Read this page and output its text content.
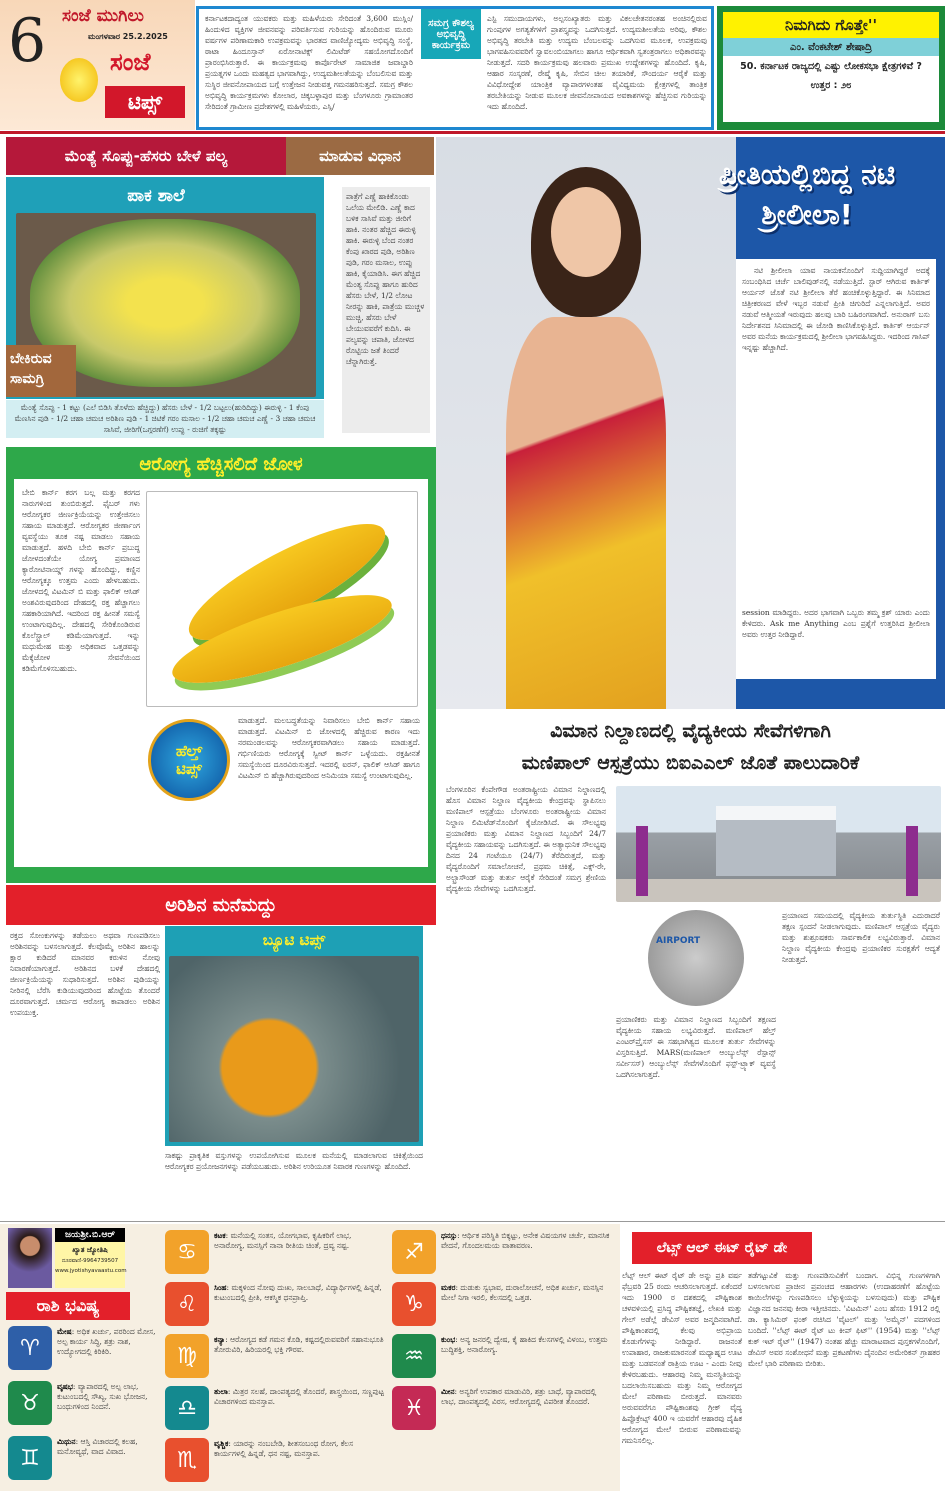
6 ಸಂಜೆ ಮುಗಿಲು
ಮಂಗಳವಾರ 25.2.2025
ಸಂಜೆ
ಟಿಪ್ಸ್
ಕರ್ನಾಟಕದಾದ್ಯಂತ ಯುವಕರು ಮತ್ತು ಮಹಿಳೆಯರು ಸೇರಿದಂತೆ 3,600 ಮುಸ್ಲಿಂ/ಹಿಂದುಳಿದ ವ್ಯಕ್ತಿಗಳ ಜೀವನವನ್ನು ಪರಿವರ್ತಿಸುವ ಗುರಿಯನ್ನು ಹೊಂದಿರುವ ಮೂರು ವರ್ಷಗಳ ಪರಿಣಾಮಕಾರಿ ಉಪಕ್ರಮವನ್ನು ಭಾರತದ ವಾಣಿಜ್ಯೋದ್ಯಮ ಅಭಿವೃದ್ಧಿ ಸಂಸ್ಥೆ, ಠಾಟಾ ಹಿಂದೂಸ್ತಾನ್ ಏರೋನಾಟಿಕ್ಸ್ ಲಿಮಿಟೆಡ್ ಸಹಯೋಗದೊಂದಿಗೆ ಪ್ರಾರಂಭಿಸಿರುತ್ತಾರೆ. ಈ ಕಾರ್ಯಕ್ರಮವು ಕಾರ್ಪೊರೇಟ್ ಸಾಮಾಜಿಕ ಜವಾಬ್ದಾರಿ ಪ್ರಯತ್ನಗಳ ಒಂದು ಮಹತ್ವದ ಭಾಗವಾಗಿದ್ದು, ಉದ್ಯಮಶೀಲತೆಯನ್ನು ಬೆಂಬಲಿಸುವ ಮತ್ತು ಸುಸ್ಥಿರ ಜೀವನೋಪಾಯದ ಬಗ್ಗೆ ಉತ್ತೇಜನ ನೀಡುವತ್ತ ಗಮನಹರಿಸುತ್ತದೆ. ಸಮಗ್ರ ಕೌಶಲ ಅಭಿವೃದ್ಧಿ ಕಾರ್ಯಕ್ರಮಗಳು ಕೋಲಾರ, ಚಿಕ್ಕಬಳ್ಳಾಪುರ ಮತ್ತು ಬೆಂಗಳೂರು ಗ್ರಾಮಾಂತರ ಸೇರಿದಂತೆ ಗ್ರಾಮೀಣ ಪ್ರದೇಶಗಳಲ್ಲಿ ಮಹಿಳೆಯರು, ಎಸ್ಸಿ/
ಸಮಗ್ರ ಕೌಶಲ್ಯ ಅಭಿವೃದ್ಧಿ ಕಾರ್ಯಕ್ರಮ
ಎಸ್ಟಿ ಸಮುದಾಯಗಳು, ಅಲ್ಪಸಂಖ್ಯಾತರು ಮತ್ತು ವಿಕಲಚೇತನರಂತಹ ಅಂಚಿನಲ್ಲಿರುವ ಗುಂಪುಗಳ ಅಗತ್ಯತೆಗಳಿಗೆ ಪ್ರಾಶಸ್ತ್ಯವನ್ನು ಒದಗಿಸುತ್ತದೆ. ಉದ್ಯಮಶೀಲತೆಯ ಅರಿವು, ಕೌಶಲ ಅಭಿವೃದ್ಧಿ ತರಬೇತಿ ಮತ್ತು ಉದ್ಯಮ ಬೆಂಬಲವನ್ನು ಒದಗಿಸುವ ಮೂಲಕ, ಉಪಕ್ರಮವು ಭಾಗವಹಿಸುವವರಿಗೆ ಸ್ವಾವಲಂಬಿಯಾಗಲು ಹಾಗೂ ಆರ್ಥಿಕವಾಗಿ ಸ್ವತಂತ್ರರಾಗಲು ಅಧಿಕಾರವನ್ನು ನೀಡುತ್ತದೆ. ಸದರಿ ಕಾರ್ಯಕ್ರಮವು ಹಲವಾರು ಪ್ರಮುಖ ಉದ್ದೇಶಗಳನ್ನು ಹೊಂದಿದೆ. ಕೃಷಿ, ಆಹಾರ ಸಂಸ್ಕರಣೆ, ರೇಷ್ಮೆ ಕೃಷಿ, ಸೇಬಿನ ಚೀಲ ತಯಾರಿಕೆ, ಸೌಂದರ್ಯ ಆರೈಕೆ ಮತ್ತು ವಿವಿಧೋದ್ದೇಶ ಯಾಂತ್ರಿಕ ವ್ಯಾಪಾರಗಳಂತಹ ವೈವಿಧ್ಯಮಯ ಕ್ಷೇತ್ರಗಳಲ್ಲಿ ತಾಂತ್ರಿಕ ತರಬೇತಿಯನ್ನು ನೀಡುವ ಮೂಲಕ ಜೀವನೋಪಾಯದ ಅವಕಾಶಗಳನ್ನು ಹೆಚ್ಚಿಸುವ ಗುರಿಯನ್ನು ಇದು ಹೊಂದಿದೆ.
ನಿಮಗಿದು ಗೊತ್ತೇ''
ಎಂ. ವೆಂಕಟೇಶ್ ಶೇಷಾದ್ರಿ
50. ಕರ್ನಾಟಕ ರಾಜ್ಯದಲ್ಲಿ ಎಷ್ಟು ಲೋಕಸಭಾ ಕ್ಷೇತ್ರಗಳಿವೆ ?
ಉತ್ತರ : ೨೮
ಮೆಂತ್ಯೆ ಸೊಪ್ಪು-ಹೆಸರು ಬೇಳೆ ಪಲ್ಯ	ಮಾಡುವ ವಿಧಾನ
ಪಾಕ ಶಾಲೆ
ಬೇಕಿರುವ ಸಾಮಗ್ರಿ
ಮೆಂತ್ಯೆ ಸೊಪ್ಪು - 1 ಕಟ್ಟು (ಎಲೆ ಬಿಡಿಸಿ ತೊಳೆದು ಹೆಚ್ಚಿದ್ದು) ಹೆಸರು ಬೇಳೆ - 1/2 ಬಟ್ಟಲು(ಹುರಿದಿದ್ದು) ಈರುಳ್ಳಿ - 1 ಕೆಂಪು ಮೆಣಸಿನ ಪುಡಿ - 1/2 ಚಹಾ ಚಮಚ ಅರಿಶಿಣ ಪುಡಿ - 1 ಚಿಟಿಕೆ ಗರಂ ಮಸಾಲ - 1/2 ಚಹಾ ಚಮಚ ಎಣ್ಣೆ - 3 ಚಹಾ ಚಮಚ ಸಾಸಿವೆ, ಜೀರಿಗೆ(ಒಗ್ಗರಣೆಗೆ) ಉಪ್ಪು - ರುಚಿಗೆ ತಕ್ಕಷ್ಟು
ಪಾತ್ರೆಗೆ ಎಣ್ಣೆ ಹಾಕಿಕೊಂಡು ಒಲೆಯ ಮೇಲಿಡಿ. ಎಣ್ಣೆ ಕಾದ ಬಳಿಕ ಸಾಸಿವೆ ಮತ್ತು ಜೀರಿಗೆ ಹಾಕಿ. ನಂತರ ಹೆಚ್ಚಿದ ಈರುಳ್ಳಿ ಹಾಕಿ. ಈರುಳ್ಳಿ ಬೆಂದ ನಂತರ ಕೆಂಪು ಖಾರದ ಪುಡಿ, ಅರಿಶಿಣ ಪುಡಿ, ಗರಂ ಮಸಾಲ, ಉಪ್ಪು ಹಾಕಿ, ಕೈಯಾಡಿಸಿ. ಈಗ ಹೆಚ್ಚಿದ ಮೆಂತ್ಯ ಸೊಪ್ಪು ಹಾಗೂ ಹುರಿದ ಹೆಸರು ಬೇಳೆ, 1/2 ಲೋಟ ನೀರನ್ನು ಹಾಕಿ, ಪಾತ್ರೆಯ ಮುಚ್ಚಳ ಮುಚ್ಚಿ, ಹೆಸರು ಬೇಳೆ ಬೇಯುವವರೆಗೆ ಕುದಿಸಿ. ಈ ಪಲ್ಯವನ್ನು ಚಪಾತಿ, ಜೋಳದ ರೊಟ್ಟಿಯ ಜತೆ ತಿಂದರೆ ಚೆನ್ನಾಗಿರುತ್ತೆ.
ಪ್ರೀತಿಯಲ್ಲಿಬಿದ್ದ ನಟಿ ಶ್ರೀಲೀಲಾ!

ನಟಿ ಶ್ರೀಲೀಲಾ ಯಾವ ನಾಯಕನೊಂದಿಗೆ ಸುದ್ದಿಯಾಗಿದ್ದರೆ ಅದಕ್ಕೆ ಸಂಬಂಧಿಸಿದ ಚರ್ಚೆ ಬಾಲಿವುಡ್‌ನಲ್ಲಿ ನಡೆಯುತ್ತಿದೆ. ಸ್ಟಾರ್ ಆಗಿರುವ ಕಾರ್ತಿಕ್ ಆರ್ಯನ್ ಜೊತೆ ನಟಿ ಶ್ರೀಲೀಲಾ ತೆರೆ ಹಂಚಿಕೊಳ್ಳುತ್ತಿದ್ದಾರೆ. ಈ ಸಿನಿಮಾದ ಚಿತ್ರೀಕರಣದ ವೇಳೆ ಇಬ್ಬರ ನಡುವೆ ಪ್ರೀತಿ ಚಿಗುರಿದೆ ಎನ್ನಲಾಗುತ್ತಿದೆ. ಅವರ ನಡುವೆ ಆತ್ಮೀಯತೆ ಇರುವುದು ಹಲವು ಬಾರಿ ಬಹಿರಂಗವಾಗಿದೆ. ಅನುರಾಗ್ ಬಸು ನಿರ್ದೇಶನದ ಸಿನಿಮಾದಲ್ಲಿ ಈ ಜೋಡಿ ಕಾಣಿಸಿಕೊಳ್ಳುತ್ತಿದೆ. ಕಾರ್ತಿಕ್ ಆರ್ಯನ್ ಅವರ ಮನೆಯ ಕಾರ್ಯಕ್ರಮದಲ್ಲಿ ಶ್ರೀಲೀಲಾ ಭಾಗವಹಿಸಿದ್ದರು. ಇದರಿಂದ ಗಾಸಿಪ್ ಇನ್ನಷ್ಟು ಹೆಚ್ಚಾಗಿದೆ.

session ಮಾಡಿದ್ದರು. ಅದರ ಭಾಗವಾಗಿ ಒಬ್ಬರು ತಮ್ಮ ಕ್ರಶ್ ಯಾರು ಎಂದು ಕೇಳಿದರು. Ask me Anything ಎಂಬ ಪ್ರಶ್ನೆಗೆ ಉತ್ತರಿಸಿದ ಶ್ರೀಲೀಲಾ ಅವರು ಉತ್ತರ ನೀಡಿದ್ದಾರೆ.
ಆರೋಗ್ಯ ಹೆಚ್ಚಿಸಲಿದೆ ಜೋಳ
ಬೇಬಿ ಕಾರ್ನ್ ಕರಗ ಬಲ್ಲ ಮತ್ತು ಕರಗದ ನಾರುಗಳಿಂದ ತುಂಬಿರುತ್ತದೆ. ಫೈಬರ್ ಗಳು ಆರೋಗ್ಯಕರ ಜೀರ್ಣಕ್ರಿಯೆಯನ್ನು ಉತ್ತೇಜಿಸಲು ಸಹಾಯ ಮಾಡುತ್ತದೆ. ಆರೋಗ್ಯಕರ ಜೀರ್ಣಾಂಗ ವ್ಯವಸ್ಥೆಯು ತೂಕ ನಷ್ಟ ಮಾಡಲು ಸಹಾಯ ಮಾಡುತ್ತದೆ. ಹಳದಿ ಬೇಬಿ ಕಾರ್ನ್ ಪ್ರಬುದ್ಧ ಜೋಳದಂತೆಯೇ ಯೋಗ್ಯ ಪ್ರಮಾಣದ ಕ್ಯಾರೋಟಿನಾಯ್ಡ್ ಗಳನ್ನು ಹೊಂದಿದ್ದು, ಕಣ್ಣಿನ ಆರೋಗ್ಯಕ್ಕೂ ಉತ್ತಮ ಎಂದು ಹೇಳಬಹುದು. ಜೋಳದಲ್ಲಿ ವಿಟಮಿನ್ ಬಿ ಮತ್ತು ಫಾಲಿಕ್ ಆಸಿಡ್ ಅಂಶವಿರುವುದರಿಂದ ದೇಹದಲ್ಲಿ ರಕ್ತ ಹೆಚ್ಚಾಗಲು ಸಹಕಾರಿಯಾಗಿದೆ. ಇದರಿಂದ ರಕ್ತ ಹೀನತೆ ಸಮಸ್ಯೆ ಉಂಟಾಗುವುದಿಲ್ಲ. ದೇಹದಲ್ಲಿ ಸೇರಿಕೊಂಡಿರುವ ಕೊಲೆಸ್ಟ್ರಾಲ್ ಕಡಿಮೆಯಾಗುತ್ತದೆ. ಇನ್ನು ಮಧುಮೇಹ ಮತ್ತು ಅಧಿಕವಾದ ಒತ್ತಡವನ್ನು ಮೆಕ್ಕೆಜೋಳ ಸೇವನೆಯಿಂದ ಕಡಿಮೆಗೊಳಿಸಬಹುದು.
ಹೆಲ್ತ್
ಟಿಪ್ಸ್
ಮಾಡುತ್ತದೆ. ಮಲಬದ್ಧತೆಯನ್ನು ನಿವಾರಿಸಲು ಬೇಬಿ ಕಾರ್ನ್ ಸಹಾಯ ಮಾಡುತ್ತದೆ. ವಿಟಮಿನ್ ಬಿ ಜೋಳದಲ್ಲಿ ಹೆಚ್ಚಿರುವ ಕಾರಣ ಇದು ನರಮಂಡಲವನ್ನು ಆರೋಗ್ಯಕರವಾಗಿಡಲು ಸಹಾಯ ಮಾಡುತ್ತದೆ. ಗರ್ಭಿಣಿಯರು ಆರೋಗ್ಯಕ್ಕೆ ಸ್ವೀಟ್ ಕಾರ್ನ್ ಒಳ್ಳೆಯದು. ರಕ್ತಹೀನತೆ ಸಮಸ್ಯೆಯಿಂದ ದೂರವಿರುಸುತ್ತದೆ. ಇದರಲ್ಲಿ ಐರನ್, ಫಾಲಿಕ್ ಆಸಿಡ್ ಹಾಗೂ ವಿಟಮಿನ್ ಬಿ ಹೆಚ್ಚಾಗಿರುವುದರಿಂದ ಅನಿಮಿಯಾ ಸಮಸ್ಯೆ ಉಂಟಾಗುವುದಿಲ್ಲ.
ಅರಿಶಿನ ಮನೆಮದ್ದು
ರಕ್ತದ ಸೋಂಕುಗಳನ್ನು ತಡೆಯಲು ಅಥವಾ ಗುಣಪಡಿಸಲು ಅರಿಶಿನವನ್ನು ಬಳಸಲಾಗುತ್ತದೆ. ಕೆಲವೊಮ್ಮೆ ಅರಿಶಿನ ಹಾಲನ್ನು ಕ್ಷಾರ ಕುಡಿದರೆ ಮಾನವರ ಕರುಳಿನ ನೋವು ನಿವಾರಣೆಯಾಗುತ್ತದೆ. ಅರಿಶಿನದ ಬಳಕೆ ದೇಹದಲ್ಲಿ ಜೀರ್ಣಕ್ರಿಯೆಯನ್ನು ಸುಧಾರಿಸುತ್ತದೆ. ಅರಿಶಿನ ಪುಡಿಯನ್ನು ನೀರಿನಲ್ಲಿ ಬೆರೆಸಿ ಕುಡಿಯುವುದರಿಂದ ಹೊಟ್ಟೆಯ ತೊಂದರೆ ದೂರವಾಗುತ್ತದೆ. ಚರ್ಮದ ಆರೋಗ್ಯ ಕಾಪಾಡಲು ಅರಿಶಿನ ಉಪಯುಕ್ತ.
ಬ್ಯೂಟಿ ಟಿಪ್ಸ್
ಸಾಕಷ್ಟು ಪ್ರಾಕೃತಿಕ ವಸ್ತುಗಳನ್ನು ಉಪಯೋಗಿಸುವ ಮೂಲಕ ಮನೆಯಲ್ಲಿ ಮಾಡಲಾಗುವ ಚಿಕಿತ್ಸೆಯಿಂದ ಆರೋಗ್ಯಕರ ಪ್ರಯೋಜನಗಳನ್ನು ಪಡೆಯಬಹುದು. ಅರಿಶಿನ ಉರಿಯೂತ ನಿವಾರಕ ಗುಣಗಳನ್ನು ಹೊಂದಿದೆ.
ವಿಮಾನ ನಿಲ್ದಾಣದಲ್ಲಿ ವೈದ್ಯಕೀಯ ಸೇವೆಗಳಿಗಾಗಿ
ಮಣಿಪಾಲ್ ಆಸ್ಪತ್ರೆಯು ಬಿಐಎಎಲ್ ಜೊತೆ ಪಾಲುದಾರಿಕೆ
ಬೆಂಗಳೂರಿನ ಕೆಂಪೇಗೌಡ ಅಂತರಾಷ್ಟ್ರೀಯ ವಿಮಾನ ನಿಲ್ದಾಣದಲ್ಲಿ ಹೊಸ ವಿಮಾನ ನಿಲ್ದಾಣ ವೈದ್ಯಕೀಯ ಕೇಂದ್ರವನ್ನು ಸ್ಥಾಪಿಸಲು ಮಣಿಪಾಲ್ ಆಸ್ಪತ್ರೆಯು ಬೆಂಗಳೂರು ಅಂತರಾಷ್ಟ್ರೀಯ ವಿಮಾನ ನಿಲ್ದಾಣ ಲಿಮಿಟೆಡ್‌ನೊಂದಿಗೆ ಕೈಜೋಡಿಸಿದೆ. ಈ ಸೌಲಭ್ಯವು ಪ್ರಯಾಣಿಕರು ಮತ್ತು ವಿಮಾನ ನಿಲ್ದಾಣದ ಸಿಬ್ಬಂದಿಗೆ 24/7 ವೈದ್ಯಕೀಯ ಸಹಾಯವನ್ನು ಒದಗಿಸುತ್ತದೆ. ಈ ಅತ್ಯಾಧುನಿಕ ಸೌಲಭ್ಯವು ದಿನದ 24 ಗಂಟೆಯೂ (24/7) ತೆರೆದಿರುತ್ತದೆ, ಮತ್ತು ವೈದ್ಯರೊಂದಿಗೆ ಸಮಾಲೋಚನೆ, ಪ್ರಥಮ ಚಿಕಿತ್ಸೆ, ಎಕ್ಸ್-ರೇ, ಅಲ್ಟ್ರಾಸೌಂಡ್ ಮತ್ತು ತುರ್ತು ಆರೈಕೆ ಸೇರಿದಂತೆ ಸಮಗ್ರ ಶ್ರೇಣಿಯ ವೈದ್ಯಕೀಯ ಸೇವೆಗಳನ್ನು ಒದಗಿಸುತ್ತದೆ.
AIRPORT
ಪ್ರಯಾಣಿಕರು ಮತ್ತು ವಿಮಾನ ನಿಲ್ದಾಣದ ಸಿಬ್ಬಂದಿಗೆ ತಕ್ಷಣದ ವೈದ್ಯಕೀಯ ಸಹಾಯ ಲಭ್ಯವಿರುತ್ತದೆ. ಮಣಿಪಾಲ್ ಹೆಲ್ತ್ ಎಂಟರ್‌ಪ್ರೈಸಸ್ ಈ ಸಹಭಾಗಿತ್ವದ ಮೂಲಕ ತುರ್ತು ಸೇವೆಗಳನ್ನು ವಿಸ್ತರಿಸುತ್ತಿದೆ. MARS(ಮಣಿಪಾಲ್ ಆಂಬ್ಯುಲೆನ್ಸ್ ರೆಸ್ಪಾನ್ಸ್ ಸರ್ವೀಸಸ್) ಆಂಬ್ಯುಲೆನ್ಸ್ ಸೇವೆಗಳೊಂದಿಗೆ ಫಸ್ಟ್-ಟ್ರ್ಯಾಕ್ ವ್ಯವಸ್ಥೆ ಒದಗಿಸಲಾಗುತ್ತದೆ.
ಪ್ರಯಾಣದ ಸಮಯದಲ್ಲಿ ವೈದ್ಯಕೀಯ ತುರ್ತುಸ್ಥಿತಿ ಎದುರಾದರೆ ತಕ್ಷಣ ಸ್ಪಂದನೆ ನೀಡಲಾಗುವುದು. ಮಣಿಪಾಲ್ ಆಸ್ಪತ್ರೆಯ ವೈದ್ಯರು ಮತ್ತು ಶುಶ್ರೂಷಕರು ಸಾರ್ವಕಾಲಿಕ ಲಭ್ಯವಿರುತ್ತಾರೆ. ವಿಮಾನ ನಿಲ್ದಾಣ ವೈದ್ಯಕೀಯ ಕೇಂದ್ರವು ಪ್ರಯಾಣಿಕರ ಸುರಕ್ಷತೆಗೆ ಆದ್ಯತೆ ನೀಡುತ್ತದೆ.
ಜಯಶ್ರೀ.ಬಿ.ಆರ್
ಖ್ಯಾತ ಜ್ಯೋತಿಷಿ
ದೂರವಾಣಿ-9964739507
www.jyotishyavaastu.com
ರಾಶಿ ಭವಿಷ್ಯ
♈
ಮೇಷ: ಅಧಿಕ ಖರ್ಚು, ಪರರಿಂದ ಮೋಸ, ಅಲ್ಪ ಕಾರ್ಯ ಸಿದ್ಧಿ, ಶತ್ರು ನಾಶ, ಉದ್ಯೋಗದಲ್ಲಿ ಕಿರಿಕಿರಿ.
♉
ವೃಷಭ: ವ್ಯಾಪಾರದಲ್ಲಿ ಅಲ್ಪ ಲಾಭ, ಕುಟುಂಬದಲ್ಲಿ ಸೌಖ್ಯ, ಸುಖ ಭೋಜನ, ಬಂಧುಗಳಿಂದ ನಿಂದನೆ.
♊
ಮಿಥುನ: ಆಸ್ತಿ ವಿಚಾರದಲ್ಲಿ ಕಲಹ, ಮನೋವ್ಯಥೆ, ವಾದ ವಿವಾದ.
♋
ಕಟಕ: ಮನೆಯಲ್ಲಿ ಸಂತಸ, ಯೋಗಭಾವ, ಕೃಷಿಕರಿಗೆ ಲಾಭ, ಅನಾರೋಗ್ಯ, ಮನಸ್ಸಿಗೆ ನಾನಾ ರೀತಿಯ ಚಿಂತೆ, ದ್ರವ್ಯ ನಷ್ಟ.
♌
ಸಿಂಹ: ಮಕ್ಕಳಿಂದ ನೋವು ದುಃಖ, ಸಾಲಬಾಧೆ, ವಿದ್ಯಾರ್ಥಿಗಳಲ್ಲಿ ಹಿನ್ನಡೆ, ಕುಟುಂಬದಲ್ಲಿ ಪ್ರೀತಿ, ಆಕಸ್ಮಿಕ ಧನಪ್ರಾಪ್ತಿ.
♍
ಕನ್ಯಾ: ಆರೋಗ್ಯದ ಕಡೆ ಗಮನ ಕೊಡಿ, ಕಷ್ಟದಲ್ಲಿರುವವರಿಗೆ ಸಹಾನುಭೂತಿ ತೋರುವಿರಿ, ಹಿರಿಯರಲ್ಲಿ ಭಕ್ತಿ ಗೌರವ.
♎
ತುಲಾ: ಮಿತ್ರರ ಸಲಹೆ, ದಾಂಪತ್ಯದಲ್ಲಿ ತೊಂದರೆ, ಶಾಸ್ತ್ರಯಿಂದ, ಸಣ್ಣಪುಟ್ಟ ವಿಚಾರಗಳಿಂದ ಮನಸ್ತಾಪ.
♏
ವೃಶ್ಚಿಕ: ಯಾರನ್ನು ನಂಬಬೇಡಿ, ಶೀತಸಂಬಂಧ ರೋಗ, ಕೆಲಸ ಕಾರ್ಯಗಳಲ್ಲಿ ಹಿನ್ನಡೆ, ಧನ ನಷ್ಟ, ಮನಸ್ತಾಪ.
♐
ಧನಸ್ಸು: ಆರ್ಥಿಕ ಪರಿಸ್ಥಿತಿ ಬಿಕ್ಕಟ್ಟು, ಅನೇಕ ವಿಷಯಗಳ ಚರ್ಚೆ, ಮಾನಸಿಕ ವೇದನೆ, ಗೊಂದಲಮಯ ವಾತಾವರಣ.
♑
ಮಕರ: ದುಡುಕು ಸ್ವಭಾವ, ದುರಾಲೋಚನೆ, ಅಧಿಕ ಖರ್ಚು, ಮನಸ್ಸಿನ ಮೇಲೆ ನಿಗಾ ಇರಲಿ, ಕೆಲಸದಲ್ಲಿ ಒತ್ತಡ.
♒
ಕುಂಭ: ಅನ್ಯ ಜನರಲ್ಲಿ ದ್ವೇಷ, ಕೈ ಹಾಕಿದ ಕೆಲಸಗಳಲ್ಲಿ ವಿಳಂಬ, ಉತ್ತಮ ಬುದ್ಧಿಶಕ್ತಿ, ಅನಾರೋಗ್ಯ.
♓
ಮೀನ: ಅನ್ಯರಿಗೆ ಉಪಕಾರ ಮಾಡುವಿರಿ, ಶತ್ರು ಬಾಧೆ, ವ್ಯಾಪಾರದಲ್ಲಿ ಲಾಭ, ದಾಂಪತ್ಯದಲ್ಲಿ ವಿರಸ, ಆರೋಗ್ಯದಲ್ಲಿ ವಿಪರೀತ ತೊಂದರೆ.
ಲೆಟ್ಸ್ ಆಲ್ ಈಟ್ ರೈಟ್ ಡೇ
ಲೆಟ್ಸ್ ಆಲ್ ಈಟ್ ರೈಟ್ ಡೇ ಅನ್ನು ಪ್ರತಿ ವರ್ಷ ಫೆಬ್ರವರಿ 25 ರಂದು ಆಚರಿಸಲಾಗುತ್ತದೆ. ಏಕೆಂದರೆ ಇದು 1900 ರ ದಶಕದಲ್ಲಿ ಪೌಷ್ಟಿಕಾಂಶ ಚಳವಳಿಯಲ್ಲಿ ಪ್ರಸಿದ್ಧ ಪೌಷ್ಟಿಕತಜ್ಞೆ, ಲೇಖಕಿ ಮತ್ತು ಗೇಲ್ ಅಡೆಲ್ಲೆ ಡೇವಿಸ್ ಅವರ ಜನ್ಮದಿನವಾಗಿದೆ. ಪೌಷ್ಟಿಕಾಂಶದಲ್ಲಿ ಕೆಲವು ಅಭಿಪ್ರಾಯ ಕೊಡುಗೆಗಳನ್ನು ನೀಡಿದ್ದಾರೆ. ರಾಜನಂತೆ ಉಪಾಹಾರ, ರಾಜಕುಮಾರನಂತೆ ಮಧ್ಯಾಹ್ನದ ಊಟ ಮತ್ತು ಬಡವನಂತೆ ರಾತ್ರಿಯ ಊಟ - ಎಂದು ನೀವು ಕೇಳಿರಬಹುದು. ಆಹಾರವು ನಿಮ್ಮ ಮನಸ್ಥಿತಿಯನ್ನು ಬದಲಾಯಿಸಬಹುದು ಮತ್ತು ನಿಮ್ಮ ಆರೋಗ್ಯದ ಮೇಲೆ ಪರಿಣಾಮ ಬೀರುತ್ತದೆ. ಮಾನವರು ಅರುವವರೆಗೂ ಪೌಷ್ಟಿಕಾಂಶವು ಗ್ರೀಕ್ ವೈದ್ಯ ಹಿಪ್ಪೊಕ್ರೇಟ್ಸ್ 400 ಇ ಯವರೆಗೆ ಆಹಾರವು ದೈಹಿಕ ಆರೋಗ್ಯದ ಮೇಲೆ ಬೀರುವ ಪರಿಣಾಮವನ್ನು ಗಮನಿಸಲಿಲ್ಲ.
ತಡೆಗಟ್ಟುವಿಕೆ ಮತ್ತು ಗುಣಪಡಿಸುವಿಕೆಗೆ ಬಂದಾಗ. ವಿಭಿನ್ನ ಗುಣಗಳಿಗಾಗಿ ಬಳಸಲಾಗುವ ಪ್ರಾಚೀನ ಪ್ರಪಂಚದ ಆಹಾರಗಳು (ಉದಾಹರಣೆಗೆ ಹೊಟ್ಟೆಯ ಕಾಯಿಲೆಗಳನ್ನು ಗುಣಪಡಿಸಲು ಬೆಳ್ಳುಳ್ಳಿಯನ್ನು ಬಳಸುವುದು) ಮತ್ತು ಪೌಷ್ಟಿಕ ವಿಜ್ಞಾನದ ಜನನವು ಕೀರಾ ಇತ್ತೀಚಿನದು. 'ವಿಟಮಿನ್' ಎಂಬ ಹೆಸರು 1912 ರಲ್ಲಿ ಡಾ. ಕ್ಯಾಸಿಮಿರ್ ಫಂಕ್ ರಚಿಸಿದ 'ವೈಟಲ್' ಮತ್ತು 'ಅಮೈನ್' ಪದಗಳಿಂದ ಬಂದಿದೆ. ''ಲೆಟ್ಸ್ ಈಟ್ ರೈಟ್ ಟು ಕೀಪ್ ಫಿಟ್'' (1954) ಮತ್ತು ''ಲೆಟ್ಸ್ ಕುಕ್ ಇಟ್ ರೈಟ್'' (1947) ನಂತಹ ಹೆಚ್ಚು ಮಾರಾಟವಾದ ಪುಸ್ತಕಗಳೊಂದಿಗೆ, ಡೇವಿಸ್ ಅವರ ಸಂಶೋಧನೆ ಮತ್ತು ಪ್ರಕಟಣೆಗಳು ದೈನಂದಿನ ಅಮೇರಿಕನ್ ಗ್ರಾಹಕರ ಮೇಲೆ ಭಾರಿ ಪರಿಣಾಮ ಬೀರಿತು.
